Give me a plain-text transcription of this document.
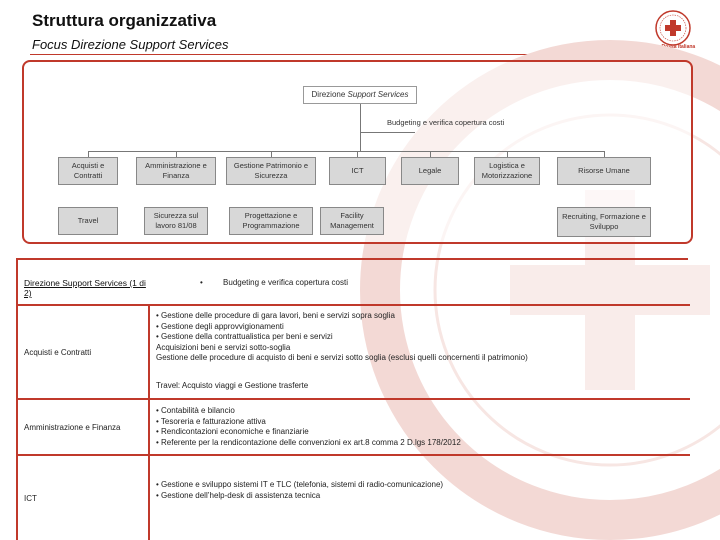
Struttura organizzativa
Focus Direzione Support Services	Croce Rossa Italiana
Direzione
Support Services
Budgeting e verifica copertura costi
Acquisti e Contratti
Amministrazione e Finanza
Gestione Patrimonio e Sicurezza
ICT	Legale
Logistica e Motorizzazione
Risorse Umane
Travel
Sicurezza sul lavoro 81/08
Progettazione e Programmazione
Facility Management
Recruiting, Formazione e Sviluppo
Direzione Support Services (1 di 2)
•	Budgeting e verifica copertura costi
Acquisti e Contratti
• Gestione delle procedure di gara lavori, beni e servizi sopra soglia
• Gestione degli approvvigionamenti
• Gestione della contrattualistica per beni e servizi
Acquisizioni beni e servizi sotto-soglia
Gestione delle procedure di acquisto di beni e servizi sotto soglia (esclusi quelli concernenti il patrimonio)
Travel: Acquisto viaggi e Gestione trasferte
Amministrazione e Finanza
• Contabilità e bilancio
• Tesoreria e fatturazione attiva
• Rendicontazioni economiche e finanziarie
• Referente per la rendicontazione delle convenzioni ex art.8 comma 2 D.lgs 178/2012
ICT
• Gestione e sviluppo sistemi IT e TLC (telefonia, sistemi di radio-comunicazione)
• Gestione dell’help-desk di assistenza tecnica
